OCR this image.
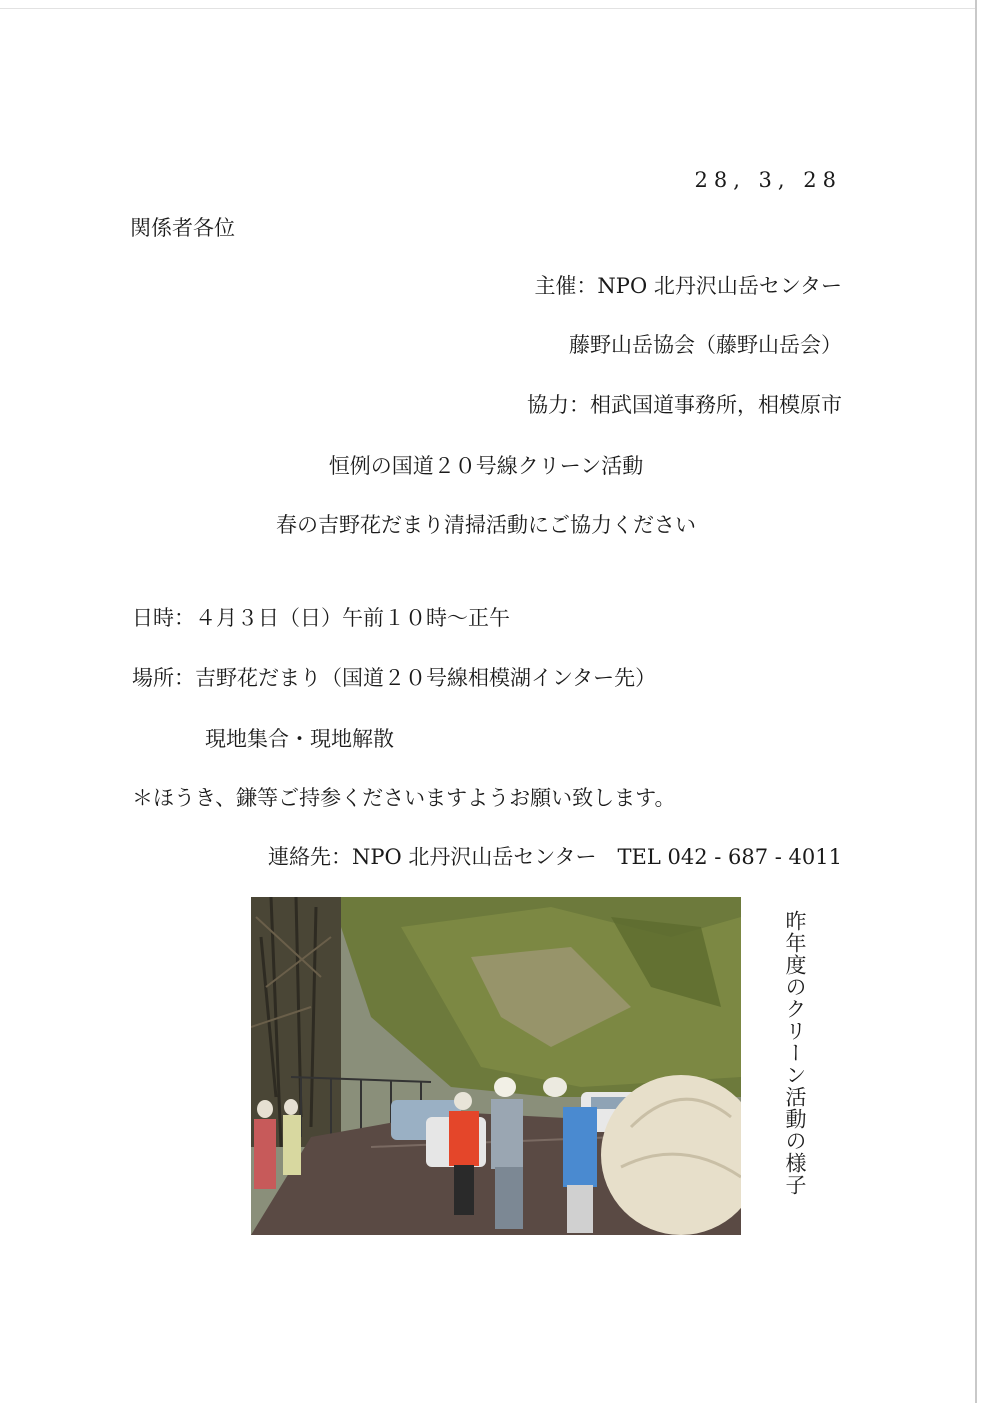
28, 3, 28
関係者各位
主催：NPO 北丹沢山岳センター
藤野山岳協会（藤野山岳会）
協力：相武国道事務所，相模原市
恒例の国道２０号線クリーン活動
春の吉野花だまり清掃活動にご協力ください
日時：４月３日（日）午前１０時～正午
場所：吉野花だまり（国道２０号線相模湖インター先）
現地集合・現地解散
＊ほうき、鎌等ご持参くださいますようお願い致します。
連絡先：NPO 北丹沢山岳センター　TEL 042 - 687 - 4011
昨年度のクリーン活動の様子
